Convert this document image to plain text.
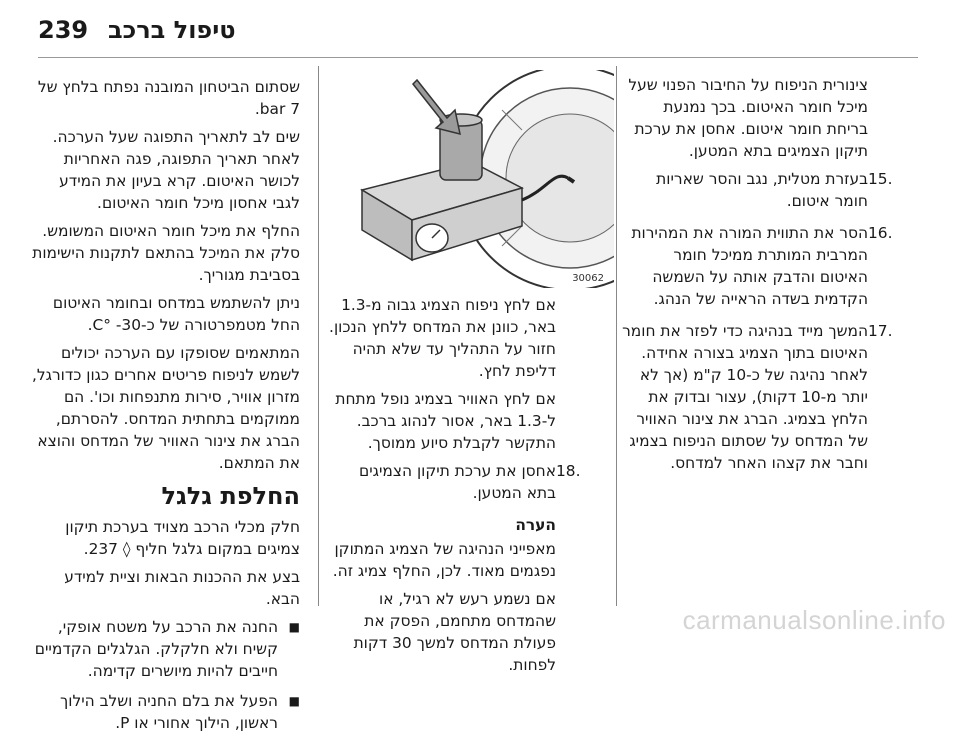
239 טיפול ברכב

צינורית הניפוח על החיבור הפנוי שעל מיכל חומר האיטום. בכך נמנעת בריחת חומר איטום. אחסן את ערכת תיקון הצמיגים בתא המטען.

15.
בעזרת מטלית, נגב והסר שאריות חומר איטום.
16.
הסר את התווית המורה את המהירות המרבית המותרת ממיכל חומר האיטום והדבק אותה על השמשה הקדמית בשדה הראייה של הנהג.
17.
המשך מייד בנהיגה כדי לפזר את חומר האיטום בתוך הצמיג בצורה אחידה. לאחר נהיגה של כ-10 ק"מ (אך לא יותר מ-10 דקות), עצור ובדוק את הלחץ בצמיג. הברג את צינור האוויר של המדחס על שסתום הניפוח בצמיג וחבר את קצהו האחר למדחס.
30062

אם לחץ ניפוח הצמיג גבוה מ-1.3 באר, כוונן את המדחס ללחץ הנכון. חזור על התהליך עד שלא תהיה דליפת לחץ.

אם לחץ האוויר בצמיג נופל מתחת ל-1.3 באר, אסור לנהוג ברכב. התקשר לקבלת סיוע ממוסך.

18.
אחסן את ערכת תיקון הצמיגים בתא המטען.
הערה

מאפייני הנהיגה של הצמיג המתוקן נפגמים מאוד. לכן, החלף צמיג זה.

אם נשמע רעש לא רגיל, או שהמדחס מתחמם, הפסק את פעולת המדחס למשך 30 דקות לפחות.

שסתום הביטחון המובנה נפתח בלחץ של 7 bar.

שים לב לתאריך התפוגה שעל הערכה. לאחר תאריך התפוגה, פגה האחריות לכושר האיטום. קרא בעיון את המידע לגבי אחסון מיכל חומר האיטום.

החלף את מיכל חומר האיטום המשומש. סלק את המיכל בהתאם לתקנות הישימות בסביבת מגוריך.

ניתן להשתמש במדחס ובחומר האיטום החל מטמפרטורה של כ-30- °C.

המתאמים שסופקו עם הערכה יכולים לשמש לניפוח פריטים אחרים כגון כדורגל, מזרון אוויר, סירות מתנפחות וכו'. הם ממוקמים בתחתית המדחס. להסרתם, הברג את צינור האוויר של המדחס והוצא את המתאם.

החלפת גלגל

חלק מכלי הרכב מצויד בערכת תיקון צמיגים במקום גלגל חליף ◊ 237.

בצע את ההכנות הבאות וציית למידע הבא.

■
החנה את הרכב על משטח אופקי, קשיח ולא חלקלק. הגלגלים הקדמיים חייבים להיות מיושרים קדימה.
■
הפעל את בלם החניה ושלב הילוך ראשון, הילוך אחורי או P.
carmanualsonline.info
